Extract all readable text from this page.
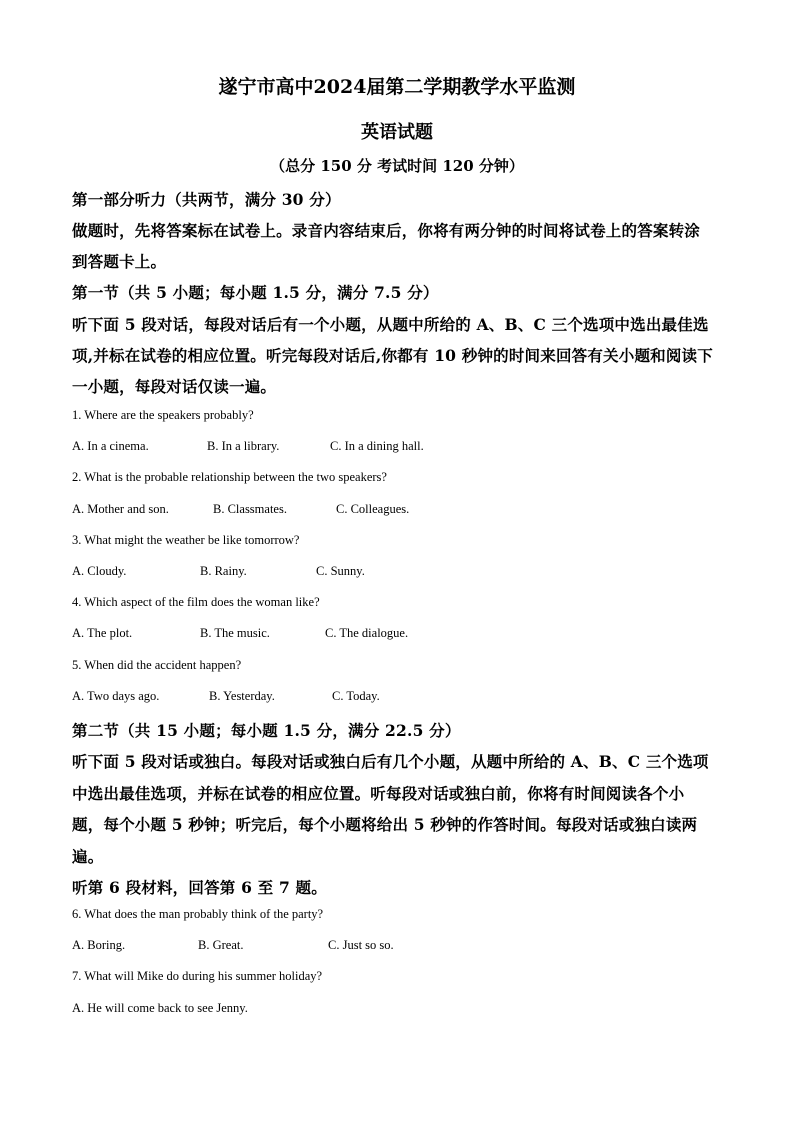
遂宁市高中2024届第二学期教学水平监测
英语试题
（总分 150 分 考试时间 120 分钟）
第一部分听力（共两节，满分 30 分）
做题时，先将答案标在试卷上。录音内容结束后，你将有两分钟的时间将试卷上的答案转涂
到答题卡上。
第一节（共 5 小题；每小题 1.5 分，满分 7.5 分）
听下面 5 段对话，每段对话后有一个小题，从题中所给的 A、B、C 三个选项中选出最佳选
项,并标在试卷的相应位置。听完每段对话后,你都有 10 秒钟的时间来回答有关小题和阅读下
一小题，每段对话仅读一遍。
1. Where are the speakers probably?
A. In a cinema.	B. In a library.	C. In a dining hall.
2. What is the probable relationship between the two speakers?
A. Mother and son.	B. Classmates.	C. Colleagues.
3. What might the weather be like tomorrow?
A. Cloudy.	B. Rainy.	C. Sunny.
4. Which aspect of the film does the woman like?
A. The plot.	B. The music.	C. The dialogue.
5. When did the accident happen?
A. Two days ago.	B. Yesterday.	C. Today.
第二节（共 15 小题；每小题 1.5 分，满分 22.5 分）
听下面 5 段对话或独白。每段对话或独白后有几个小题，从题中所给的 A、B、C 三个选项
中选出最佳选项，并标在试卷的相应位置。听每段对话或独白前，你将有时间阅读各个小
题，每个小题 5 秒钟；听完后，每个小题将给出 5 秒钟的作答时间。每段对话或独白读两
遍。
听第 6 段材料，回答第 6 至 7 题。
6. What does the man probably think of the party?
A. Boring.	B. Great.	C. Just so so.
7. What will Mike do during his summer holiday?
A. He will come back to see Jenny.
